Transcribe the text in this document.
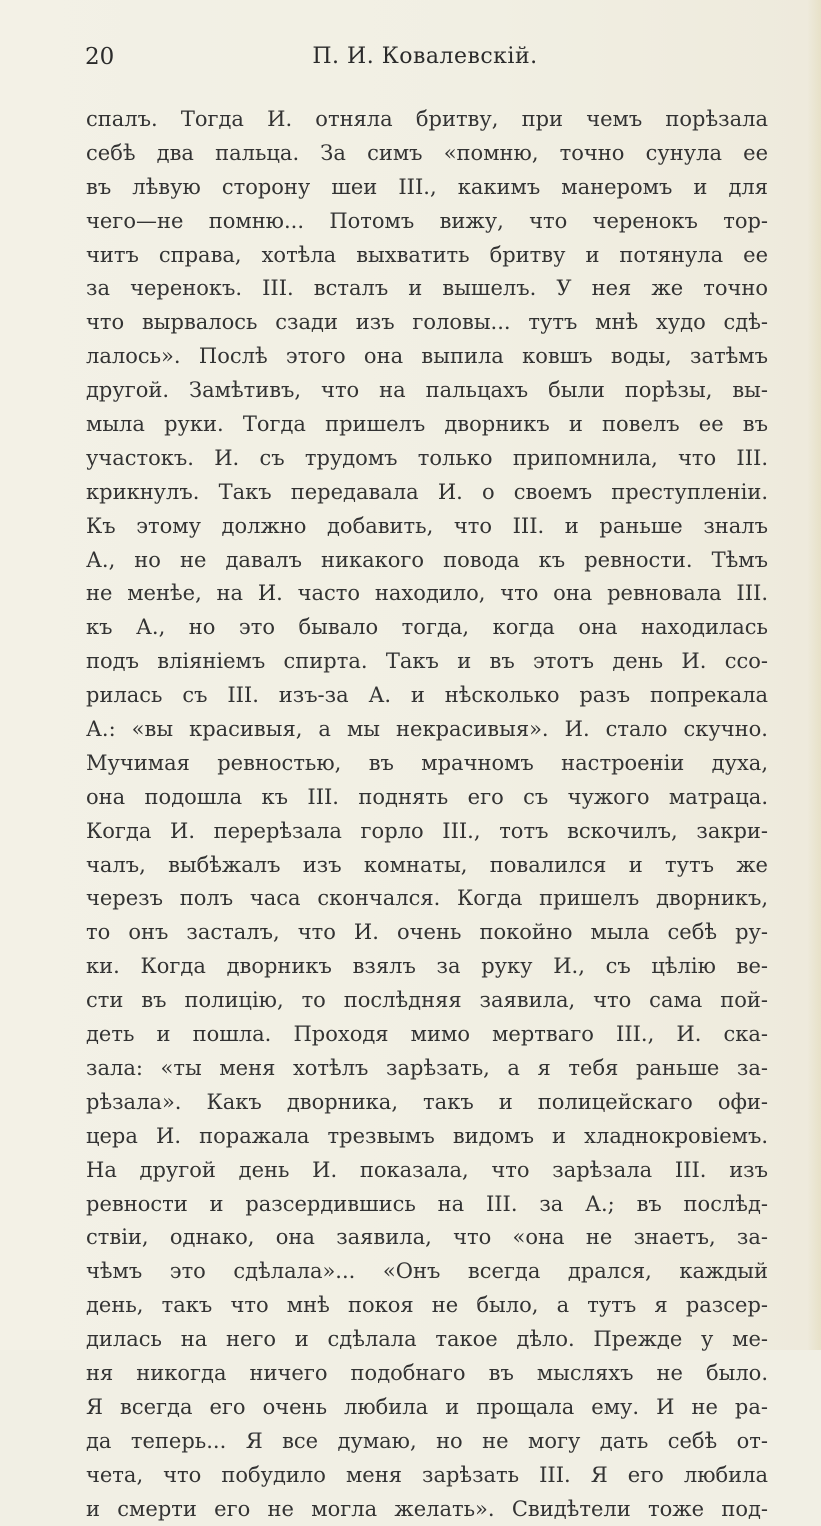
20	П. И. Ковалевскій.
спалъ. Тогда И. отняла бритву, при чемъ порѣзала
себѣ два пальца. За симъ «помню, точно сунула ее
въ лѣвую сторону шеи III., какимъ манеромъ и для
чего—не помню... Потомъ вижу, что черенокъ тор-
читъ справа, хотѣла выхватить бритву и потянула ее
за черенокъ. III. всталъ и вышелъ. У нея же точно
что вырвалось сзади изъ головы... тутъ мнѣ худо сдѣ-
лалось». Послѣ этого она выпила ковшъ воды, затѣмъ
другой. Замѣтивъ, что на пальцахъ были порѣзы, вы-
мыла руки. Тогда пришелъ дворникъ и повелъ ее въ
участокъ. И. съ трудомъ только припомнила, что III.
крикнулъ. Такъ передавала И. о своемъ преступленіи.
Къ этому должно добавить, что III. и раньше зналъ
А., но не давалъ никакого повода къ ревности. Тѣмъ
не менѣе, на И. часто находило, что она ревновала III.
къ А., но это бывало тогда, когда она находилась
подъ вліяніемъ спирта. Такъ и въ этотъ день И. ссо-
рилась съ III. изъ-за А. и нѣсколько разъ попрекала
А.: «вы красивыя, а мы некрасивыя». И. стало скучно.
Мучимая ревностью, въ мрачномъ настроеніи духа,
она подошла къ III. поднять его съ чужого матраца.
Когда И. перерѣзала горло III., тотъ вскочилъ, закри-
чалъ, выбѣжалъ изъ комнаты, повалился и тутъ же
черезъ полъ часа скончался. Когда пришелъ дворникъ,
то онъ засталъ, что И. очень покойно мыла себѣ ру-
ки. Когда дворникъ взялъ за руку И., съ цѣлію ве-
сти въ полицію, то послѣдняя заявила, что сама пой-
деть и пошла. Проходя мимо мертваго III., И. ска-
зала: «ты меня хотѣлъ зарѣзать, а я тебя раньше за-
рѣзала». Какъ дворника, такъ и полицейскаго офи-
цера И. поражала трезвымъ видомъ и хладнокровіемъ.
На другой день И. показала, что зарѣзала III. изъ
ревности и разсердившись на III. за А.; въ послѣд-
ствіи, однако, она заявила, что «она не знаетъ, за-
чѣмъ это сдѣлала»... «Онъ всегда дрался, каждый
день, такъ что мнѣ покоя не было, а тутъ я разсер-
дилась на него и сдѣлала такое дѣло. Прежде у ме-
ня никогда ничего подобнаго въ мысляхъ не было.
Я всегда его очень любила и прощала ему. И не ра-
да теперь... Я все думаю, но не могу дать себѣ от-
чета, что побудило меня зарѣзать III. Я его любила
и смерти его не могла желать». Свидѣтели тоже под-
